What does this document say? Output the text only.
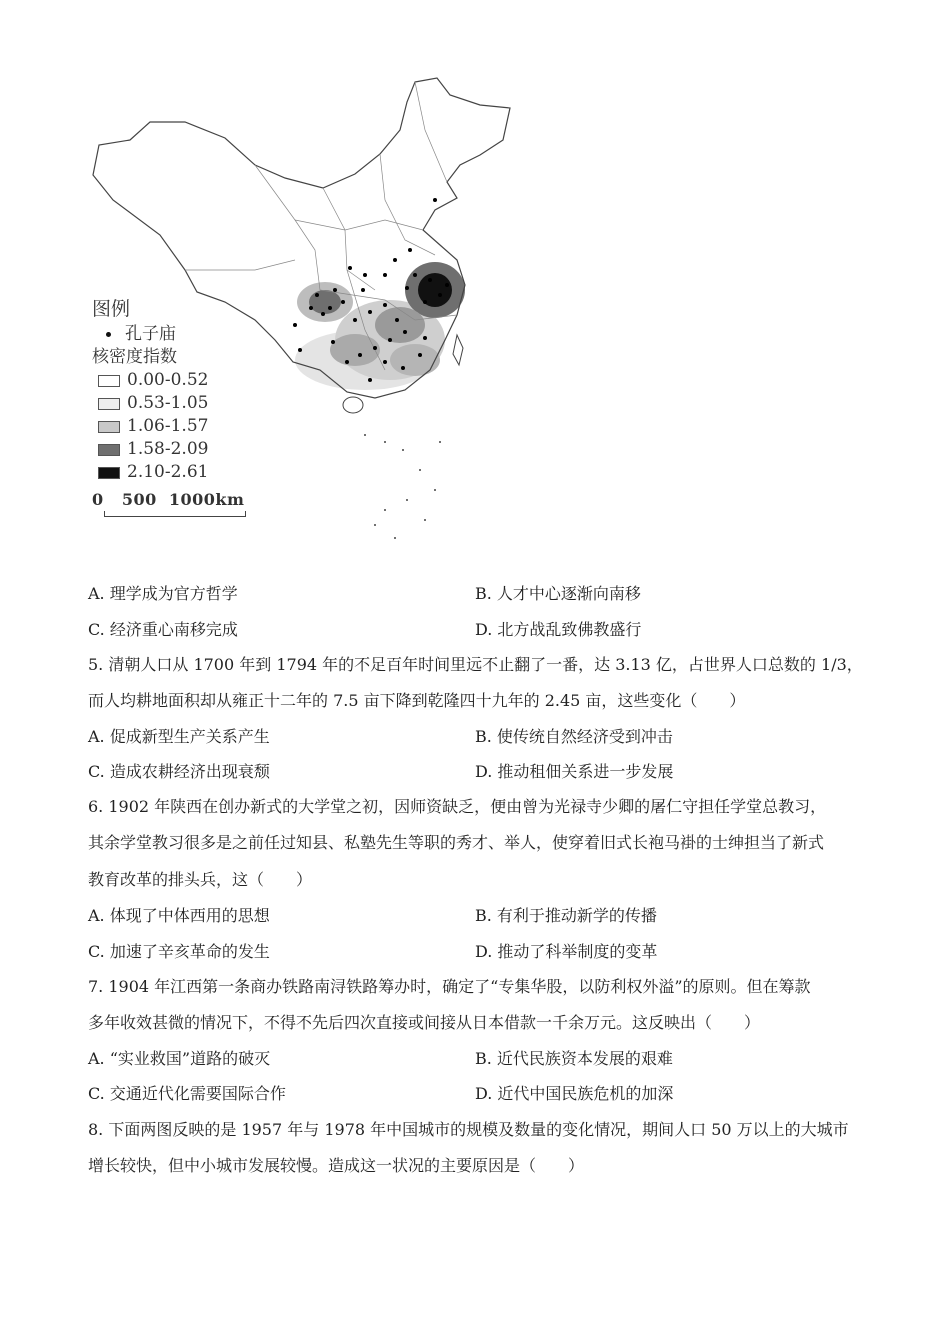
图例
孔子庙
核密度指数
0.00-0.52
0.53-1.05
1.06-1.57
1.58-2.09
2.10-2.61
0   500  1000km
A. 理学成为官方哲学	B. 人才中心逐渐向南移
C. 经济重心南移完成	D. 北方战乱致佛教盛行
5. 清朝人口从 1700 年到 1794 年的不足百年时间里远不止翻了一番，达 3.13 亿，占世界人口总数的 1/3，
而人均耕地面积却从雍正十二年的 7.5 亩下降到乾隆四十九年的 2.45 亩，这些变化（　　）
A. 促成新型生产关系产生	B. 使传统自然经济受到冲击
C. 造成农耕经济出现衰颓	D. 推动租佃关系进一步发展
6. 1902 年陕西在创办新式的大学堂之初，因师资缺乏，便由曾为光禄寺少卿的屠仁守担任学堂总教习，
其余学堂教习很多是之前任过知县、私塾先生等职的秀才、举人，使穿着旧式长袍马褂的士绅担当了新式
教育改革的排头兵，这（　　）
A. 体现了中体西用的思想	B. 有利于推动新学的传播
C. 加速了辛亥革命的发生	D. 推动了科举制度的变革
7. 1904 年江西第一条商办铁路南浔铁路筹办时，确定了“专集华股，以防利权外溢”的原则。但在筹款
多年收效甚微的情况下，不得不先后四次直接或间接从日本借款一千余万元。这反映出（　　）
A. “实业救国”道路的破灭	B. 近代民族资本发展的艰难
C. 交通近代化需要国际合作	D. 近代中国民族危机的加深
8. 下面两图反映的是 1957 年与 1978 年中国城市的规模及数量的变化情况，期间人口 50 万以上的大城市
增长较快，但中小城市发展较慢。造成这一状况的主要原因是（　　）
